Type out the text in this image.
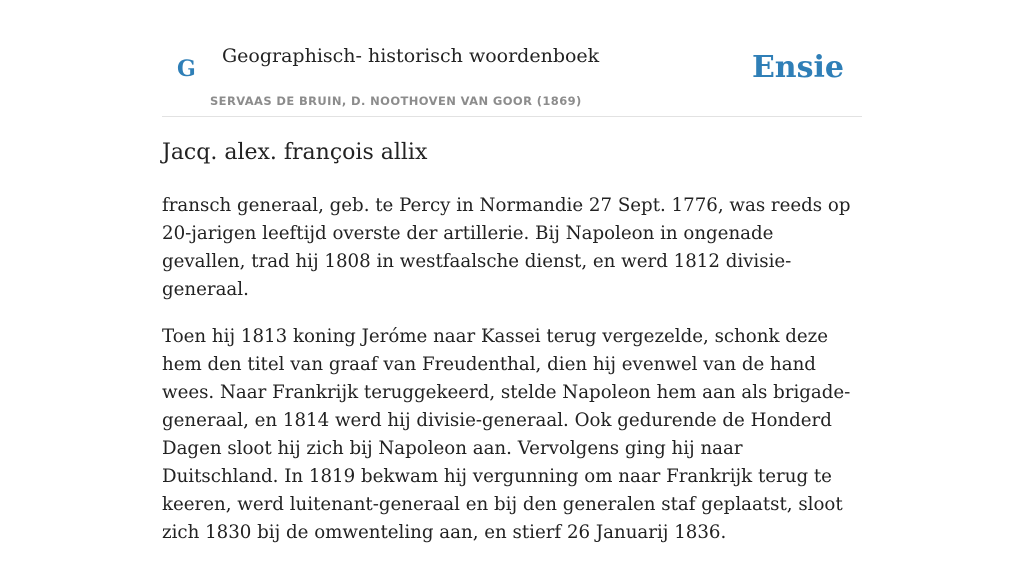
G Geographisch- historisch woordenboek
SERVAAS DE BRUIN, D. NOOTHOVEN VAN GOOR (1869)
Ensie
Jacq. alex. françois allix

fransch generaal, geb. te Percy in Normandie 27 Sept. 1776, was reeds op 20-jarigen leeftijd overste der artillerie. Bij Napoleon in ongenade gevallen, trad hij 1808 in westfaalsche dienst, en werd 1812 divisie-generaal.

Toen hij 1813 koning Jerόme naar Kassei terug vergezelde, schonk deze hem den titel van graaf van Freudenthal, dien hij evenwel van de hand wees. Naar Frankrijk teruggekeerd, stelde Napoleon hem aan als brigade-generaal, en 1814 werd hij divisie-generaal. Ook gedurende de Honderd Dagen sloot hij zich bij Napoleon aan. Vervolgens ging hij naar Duitschland. In 1819 bekwam hij vergunning om naar Frankrijk terug te keeren, werd luitenant-generaal en bij den generalen staf geplaatst, sloot zich 1830 bij de omwenteling aan, en stierf 26 Januarij 1836.
